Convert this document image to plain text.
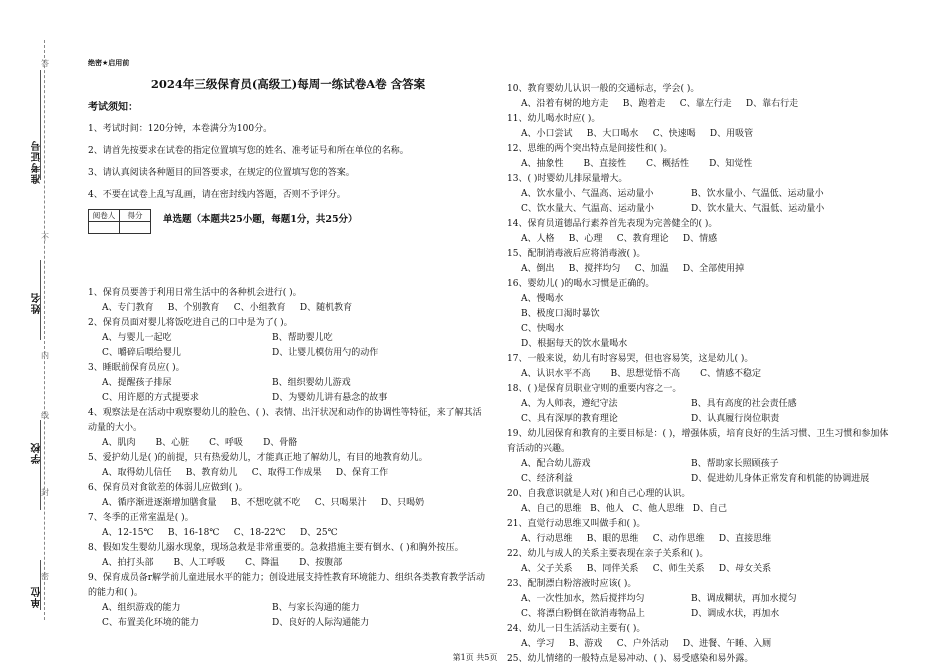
准考证号
姓名
学校
单位
答
不
内
线
封
密
绝密★启用前
2024年三级保育员(高级工)每周一练试卷A卷 含答案
考试须知：

1、考试时间：120分钟，本卷满分为100分。

2、请首先按要求在试卷的指定位置填写您的姓名、准考证号和所在单位的名称。

3、请认真阅读各种题目的回答要求，在规定的位置填写您的答案。

4、不要在试卷上乱写乱画，请在密封线内答题，否则不予评分。

阅卷人	得分

1、保育员要善于利用日常生活中的各种机会进行( )。
A、专门教育     B、个别教育     C、小组教育     D、随机教育
2、保育员面对婴儿将饭吃进自己的口中是为了( )。
A、与婴儿一起吃	B、帮助婴儿吃
C、嚼碎后喂给婴儿	D、让婴儿模仿用勺的动作
3、睡眠前保育员应( )。
A、提醒孩子排尿	B、组织婴幼儿游戏
C、用许愿的方式提要求	D、为婴幼儿讲有悬念的故事
4、观察法是在活动中观察婴幼儿的脸色、( )、表情、出汗状况和动作的协调性等特征，来了解其活动量的大小。
A、肌肉       B、心脏       C、呼吸       D、骨骼
5、爱护幼儿是( )的前提，只有热爱幼儿，才能真正地了解幼儿，有目的地教育幼儿。
A、取得幼儿信任     B、教育幼儿     C、取得工作成果     D、保育工作
6、保育员对食欲差的体弱儿应做到( )。
A、循序渐进逐渐增加膳食量     B、不想吃就不吃     C、只喝果汁     D、只喝奶
7、冬季的正常室温是( )。
A、12-15℃     B、16-18℃     C、18-22℃     D、25℃
8、假如发生婴幼儿溺水现象，现场急救是非常重要的。急救措施主要有倒水、( )和胸外按压。
A、拍打头部       B、人工呼吸       C、降温       D、按腹部
9、保育成员备r解学前儿童进展水平的能力；创设进展支持性教育环境能力、组织各类教育教学活动的能力和( )。
A、组织游戏的能力	B、与家长沟通的能力
C、布置美化环境的能力	D、良好的人际沟通能力
单选题（本题共25小题，每题1分，共25分）
10、教育婴幼儿认识一般的交通标志，学会( )。
A、沿着有树的地方走     B、跑着走     C、靠左行走     D、靠右行走
11、幼儿喝水时应( )。
A、小口尝试     B、大口喝水     C、快速喝     D、用吸管
12、思维的两个突出特点是间接性和( )。
A、抽象性       B、直接性       C、概括性       D、知觉性
13、( )时婴幼儿排尿量增大。
A、饮水量小、气温高、运动量小	B、饮水量小、气温低、运动量小
C、饮水量大、气温高、运动量小	D、饮水量大、气温低、运动量小
14、保育员道德品行素养首先表现为完善健全的( )。
A、人格     B、心理     C、教育理论     D、情感
15、配制消毒液后应将消毒液( )。
A、倒出     B、搅拌均匀     C、加温     D、全部使用掉
16、婴幼儿( )的喝水习惯是正确的。
A、慢喝水
B、极度口渴时暴饮
C、快喝水
D、根据每天的饮水量喝水
17、一般来说，幼儿有时容易哭，但也容易笑，这是幼儿( )。
A、认识水平不高       B、思想觉悟不高       C、情感不稳定
18、( )是保育员职业守则的重要内容之一。
A、为人师表，遵纪守法	B、具有高度的社会责任感
C、具有深厚的教育理论	D、认真履行岗位职责
19、幼儿园保育和教育的主要目标是：( )，增强体质，培育良好的生活习惯、卫生习惯和参加体育活动的兴趣。
A、配合幼儿游戏	B、帮助家长照顾孩子
C、经济利益	D、促进幼儿身体正常发育和机能的协调进展
20、自我意识就是人对( )和自己心理的认识。
A、自己的思维   B、他人   C、他人思维   D、自己
21、直觉行动思维又叫做手和( )。
A、行动思维     B、眼的思维     C、动作思维     D、直接思维
22、幼儿与成人的关系主要表现在亲子关系和( )。
A、父子关系     B、同伴关系     C、师生关系     D、母女关系
23、配制漂白粉溶液时应该( )。
A、一次性加水，然后搅拌均匀	B、调成糊状，再加水搅匀
C、将漂白粉倒在欲消毒物品上	D、调成水状，再加水
24、幼儿一日生活活动主要有( )。
A、学习     B、游戏     C、户外活动     D、进餐、午睡、入厕
25、幼儿情绪的一般特点是易冲动、( )、易受感染和易外露。
第1页 共5页
